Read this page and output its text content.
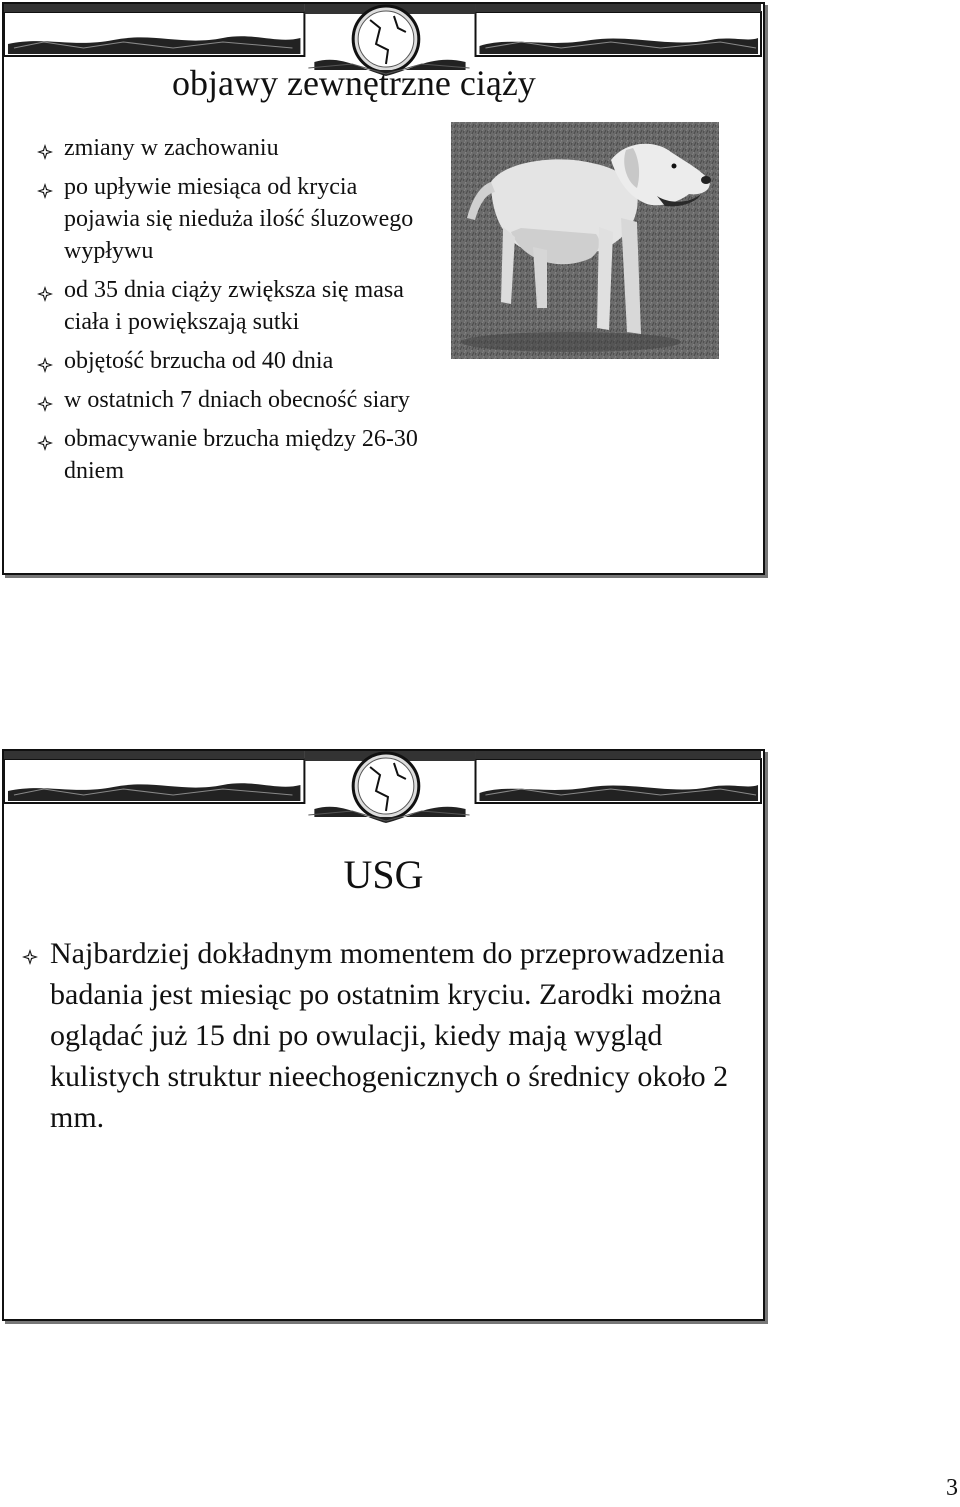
objawy zewnętrzne ciąży
zmiany w zachowaniu
po upływie miesiąca od krycia pojawia się nieduża ilość śluzowego wypływu
od 35 dnia ciąży zwiększa się masa ciała i powiększają sutki
objętość brzucha od 40 dnia
w ostatnich 7 dniach obecność siary
obmacywanie brzucha między 26-30 dniem
USG
Najbardziej dokładnym momentem do przeprowadzenia badania jest miesiąc po ostatnim kryciu. Zarodki można oglądać już 15 dni po owulacji, kiedy mają wygląd kulistych struktur nieechogenicznych o średnicy około 2 mm.
3
